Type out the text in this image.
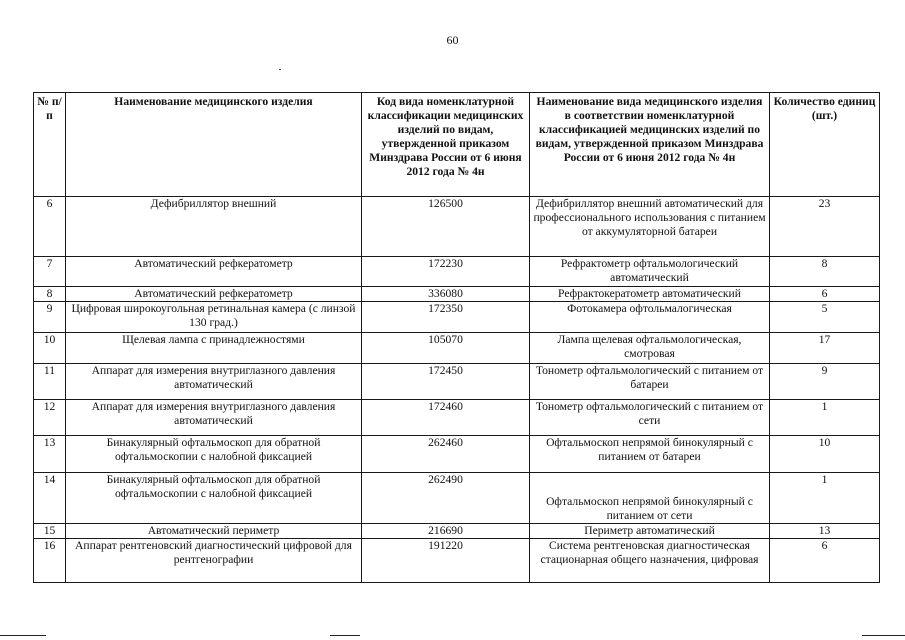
60
№ п/п	Наименование медицинского изделия	Код вида номенклатурной классификации медицинских изделий по видам, утвержденной приказом Минздрава России от 6 июня 2012 года № 4н	Наименование вида медицинского изделия в соответствии номенклатурной классификацией медицинских изделий по видам, утвержденной приказом Минздрава России от 6 июня 2012 года № 4н	Количество единиц (шт.)
6	Дефибриллятор внешний	126500	Дефибриллятор внешний автоматический для профессионального использования с питанием от аккумуляторной батареи	23
7	Автоматический рефкератометр	172230	Рефрактометр офтальмологический автоматический	8
8	Автоматический рефкератометр	336080	Рефрактокератометр автоматический	6
9	Цифровая широкоугольная ретинальная камера (с линзой 130 град.)	172350	Фотокамера офтольмалогическая	5
10	Щелевая лампа с принадлежностями	105070	Лампа щелевая офтальмологическая, смотровая	17
11	Аппарат для измерения внутриглазного давления автоматический	172450	Тонометр офтальмологический с питанием от батареи	9
12	Аппарат для измерения внутриглазного давления автоматический	172460	Тонометр офтальмологический с питанием от сети	1
13	Бинакулярный офтальмоскоп для обратной офтальмоскопии с налобной фиксацией	262460	Офтальмоскоп непрямой бинокулярный с питанием от батареи	10
14	Бинакулярный офтальмоскоп для обратной офтальмоскопии с налобной фиксацией	262490	Офтальмоскоп непрямой бинокулярный с питанием от сети	1
15	Автоматический периметр	216690	Периметр автоматический	13
16	Аппарат рентгеновский диагностический цифровой для рентгенографии	191220	Система рентгеновская диагностическая стационарная общего назначения, цифровая	6
